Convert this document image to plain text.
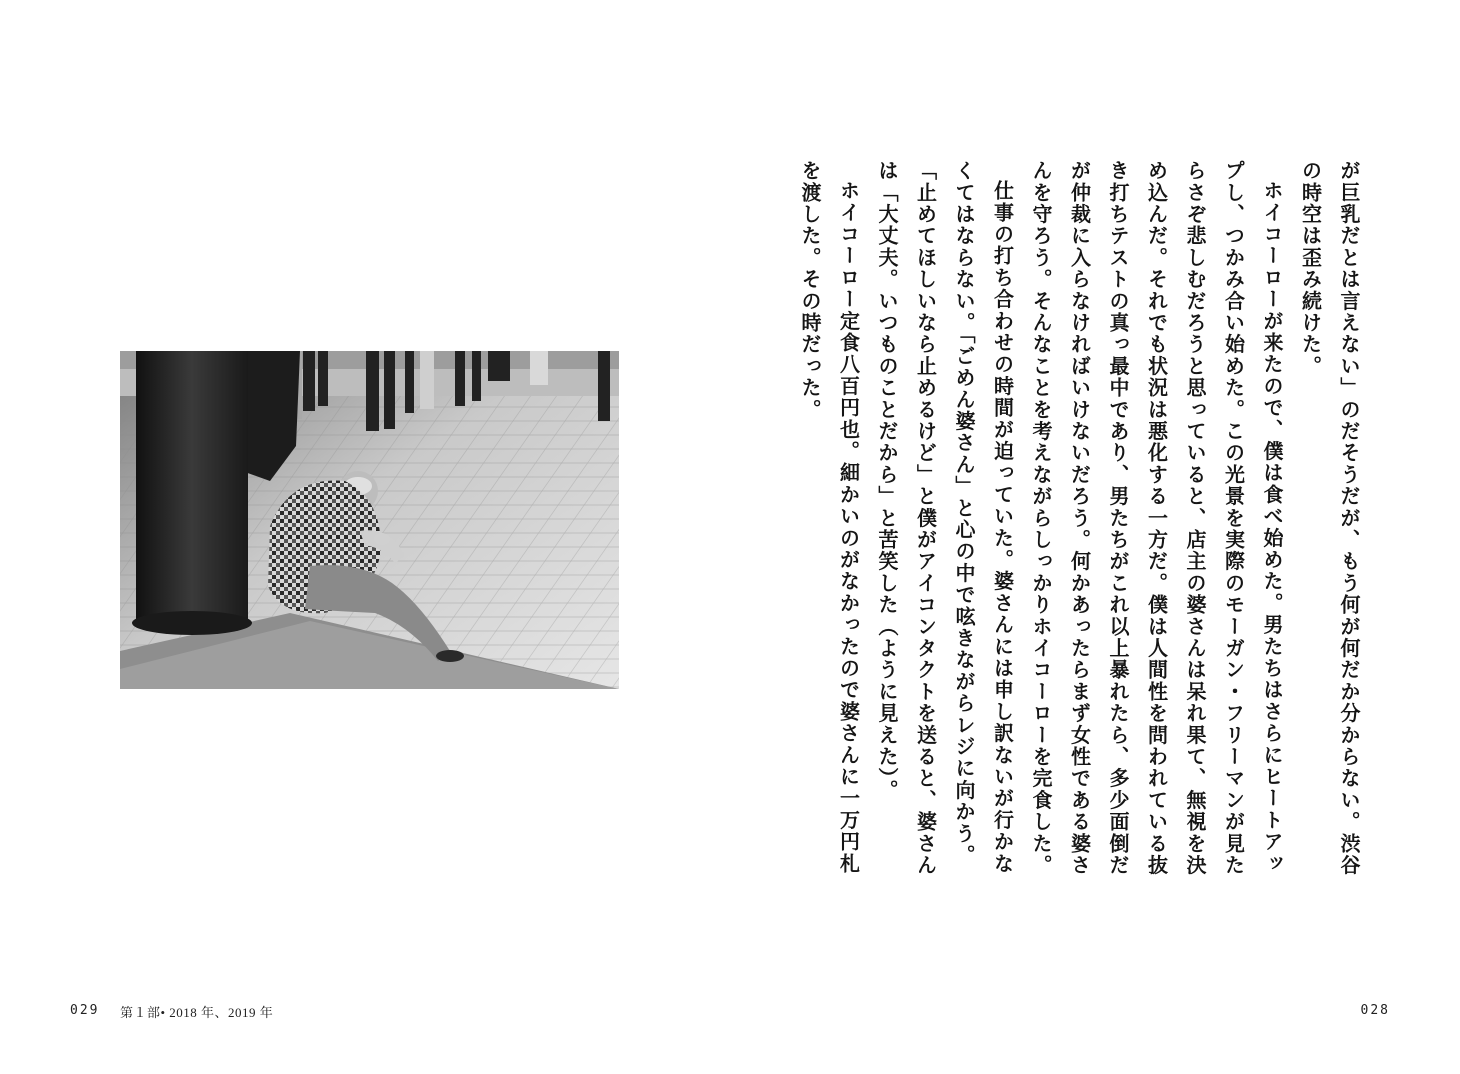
029 第１部• 2018 年、2019 年

が巨乳だとは言えない」のだそうだが、もう何が何だか分からない。渋谷の時空は歪み続けた。

ホイコーローが来たので、僕は食べ始めた。男たちはさらにヒートアップし、つかみ合い始めた。この光景を実際のモーガン・フリーマンが見たらさぞ悲しむだろうと思っていると、店主の婆さんは呆れ果て、無視を決め込んだ。それでも状況は悪化する一方だ。僕は人間性を問われている抜き打ちテストの真っ最中であり、男たちがこれ以上暴れたら、多少面倒だが仲裁に入らなければいけないだろう。何かあったらまず女性である婆さんを守ろう。そんなことを考えながらしっかりホイコーローを完食した。

仕事の打ち合わせの時間が迫っていた。婆さんには申し訳ないが行かなくてはならない。「ごめん婆さん」と心の中で呟きながらレジに向かう。「止めてほしいなら止めるけど」と僕がアイコンタクトを送ると、婆さんは「大丈夫。いつものことだから」と苦笑した（ように見えた）。

ホイコーロー定食八百円也。細かいのがなかったので婆さんに一万円札を渡した。その時だった。

028
